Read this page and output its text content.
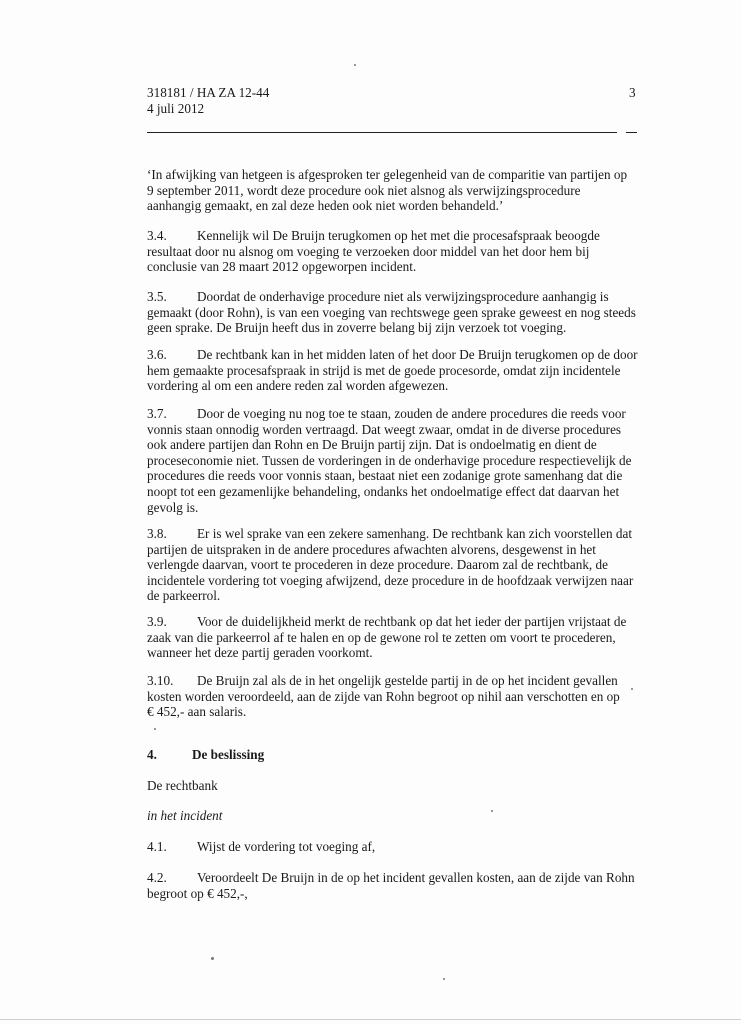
318181 / HA ZA 12-44
4 juli 2012
3
‘In afwijking van hetgeen is afgesproken ter gelegenheid van de comparitie van partijen op
9 september 2011, wordt deze procedure ook niet alsnog als verwijzingsprocedure
aanhangig gemaakt, en zal deze heden ook niet worden behandeld.’
3.4. Kennelijk wil De Bruijn terugkomen op het met die procesafspraak beoogde
resultaat door nu alsnog om voeging te verzoeken door middel van het door hem bij
conclusie van 28 maart 2012 opgeworpen incident.
3.5. Doordat de onderhavige procedure niet als verwijzingsprocedure aanhangig is
gemaakt (door Rohn), is van een voeging van rechtswege geen sprake geweest en nog steeds
geen sprake. De Bruijn heeft dus in zoverre belang bij zijn verzoek tot voeging.
3.6. De rechtbank kan in het midden laten of het door De Bruijn terugkomen op de door
hem gemaakte procesafspraak in strijd is met de goede procesorde, omdat zijn incidentele
vordering al om een andere reden zal worden afgewezen.
3.7. Door de voeging nu nog toe te staan, zouden de andere procedures die reeds voor
vonnis staan onnodig worden vertraagd. Dat weegt zwaar, omdat in de diverse procedures
ook andere partijen dan Rohn en De Bruijn partij zijn. Dat is ondoelmatig en dient de
proceseconomie niet. Tussen de vorderingen in de onderhavige procedure respectievelijk de
procedures die reeds voor vonnis staan, bestaat niet een zodanige grote samenhang dat die
noopt tot een gezamenlijke behandeling, ondanks het ondoelmatige effect dat daarvan het
gevolg is.
3.8. Er is wel sprake van een zekere samenhang. De rechtbank kan zich voorstellen dat
partijen de uitspraken in de andere procedures afwachten alvorens, desgewenst in het
verlengde daarvan, voort te procederen in deze procedure. Daarom zal de rechtbank, de
incidentele vordering tot voeging afwijzend, deze procedure in de hoofdzaak verwijzen naar
de parkeerrol.
3.9. Voor de duidelijkheid merkt de rechtbank op dat het ieder der partijen vrijstaat de
zaak van die parkeerrol af te halen en op de gewone rol te zetten om voort te procederen,
wanneer het deze partij geraden voorkomt.
3.10. De Bruijn zal als de in het ongelijk gestelde partij in de op het incident gevallen
kosten worden veroordeeld, aan de zijde van Rohn begroot op nihil aan verschotten en op
€ 452,- aan salaris.
4.	De beslissing
De rechtbank
in het incident
4.1. Wijst de vordering tot voeging af,
4.2. Veroordeelt De Bruijn in de op het incident gevallen kosten, aan de zijde van Rohn
begroot op € 452,-,
